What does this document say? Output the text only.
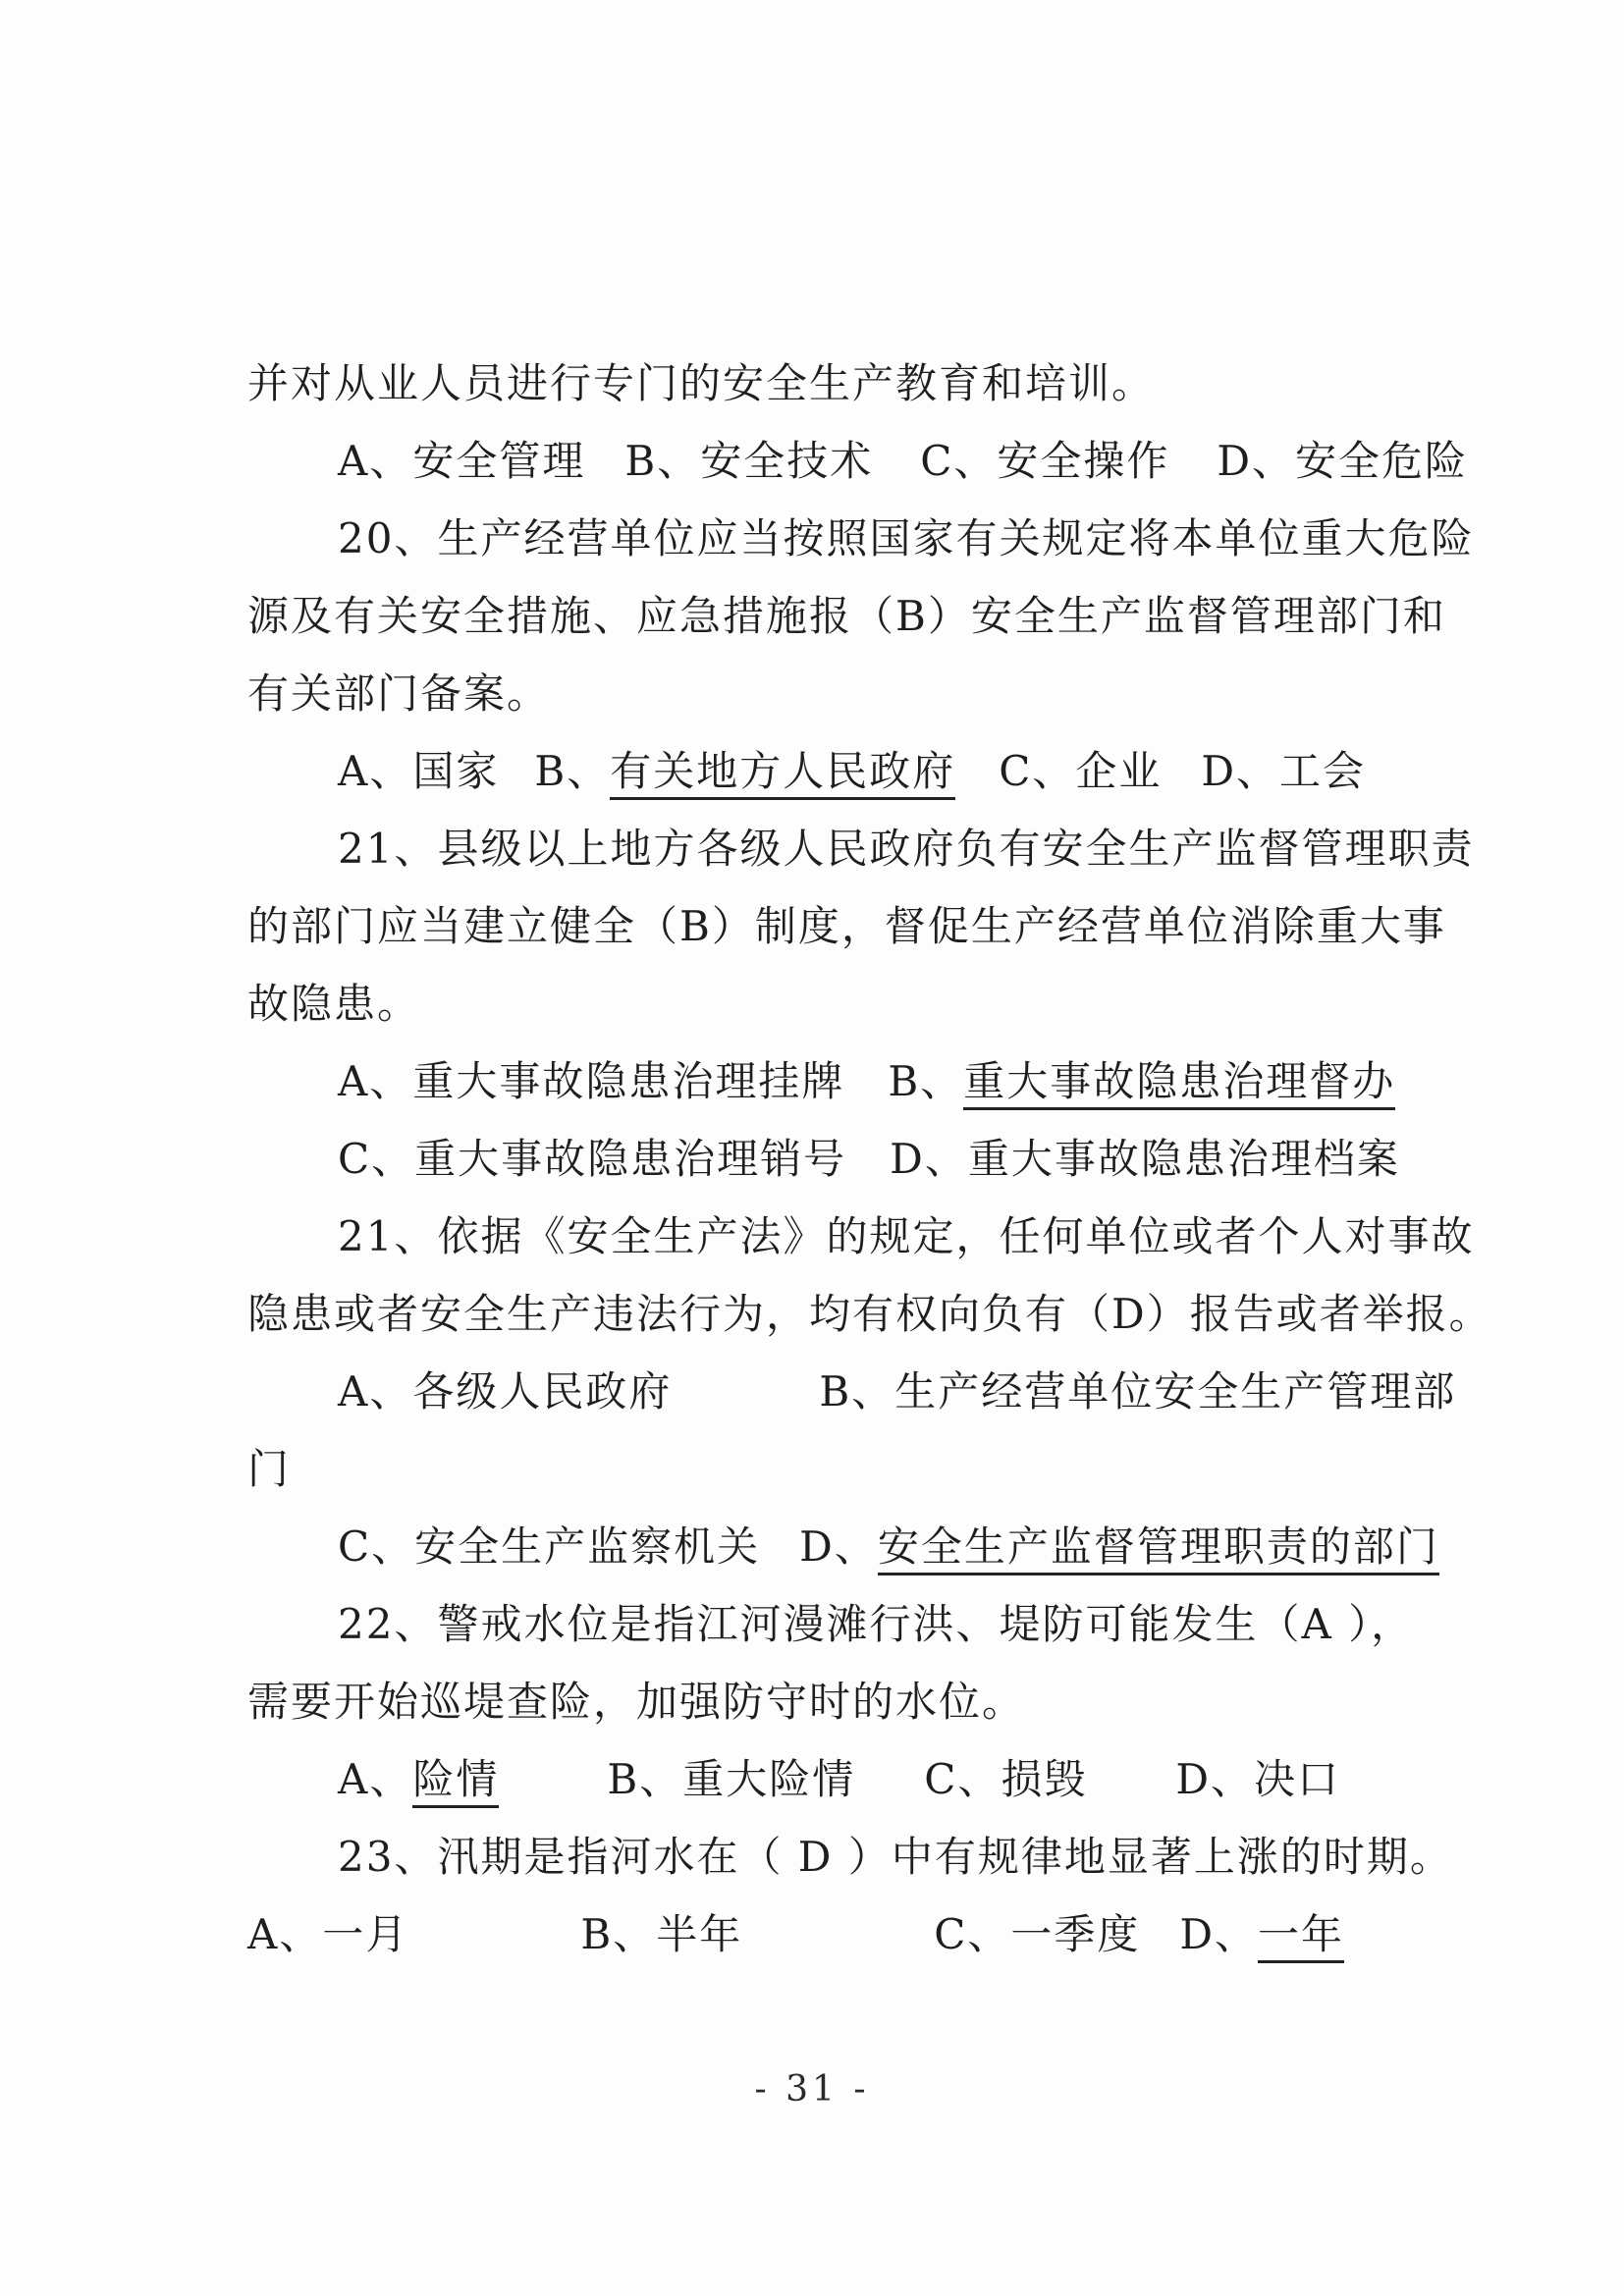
并对从业人员进行专门的安全生产教育和培训。
A、安全管理 B、安全技术 C、安全操作 D、安全危险
20、生产经营单位应当按照国家有关规定将本单位重大危险
源及有关安全措施、应急措施报（B）安全生产监督管理部门和
有关部门备案。
A、国家 B、有关地方人民政府 C、企业 D、工会
21、县级以上地方各级人民政府负有安全生产监督管理职责
的部门应当建立健全（B）制度，督促生产经营单位消除重大事
故隐患。
A、重大事故隐患治理挂牌 B、重大事故隐患治理督办
C、重大事故隐患治理销号 D、重大事故隐患治理档案
21、依据《安全生产法》的规定，任何单位或者个人对事故
隐患或者安全生产违法行为，均有权向负有（D）报告或者举报。
A、各级人民政府	B、生产经营单位安全生产管理部
门
C、安全生产监察机关 D、安全生产监督管理职责的部门
22、警戒水位是指江河漫滩行洪、堤防可能发生（A ），
需要开始巡堤查险，加强防守时的水位。
A、险情	B、重大险情 C、损毁 D、决口
23、汛期是指河水在（ D ）中有规律地显著上涨的时期。
A、一月	B、半年	C、一季度 D、一年
- 31 -
